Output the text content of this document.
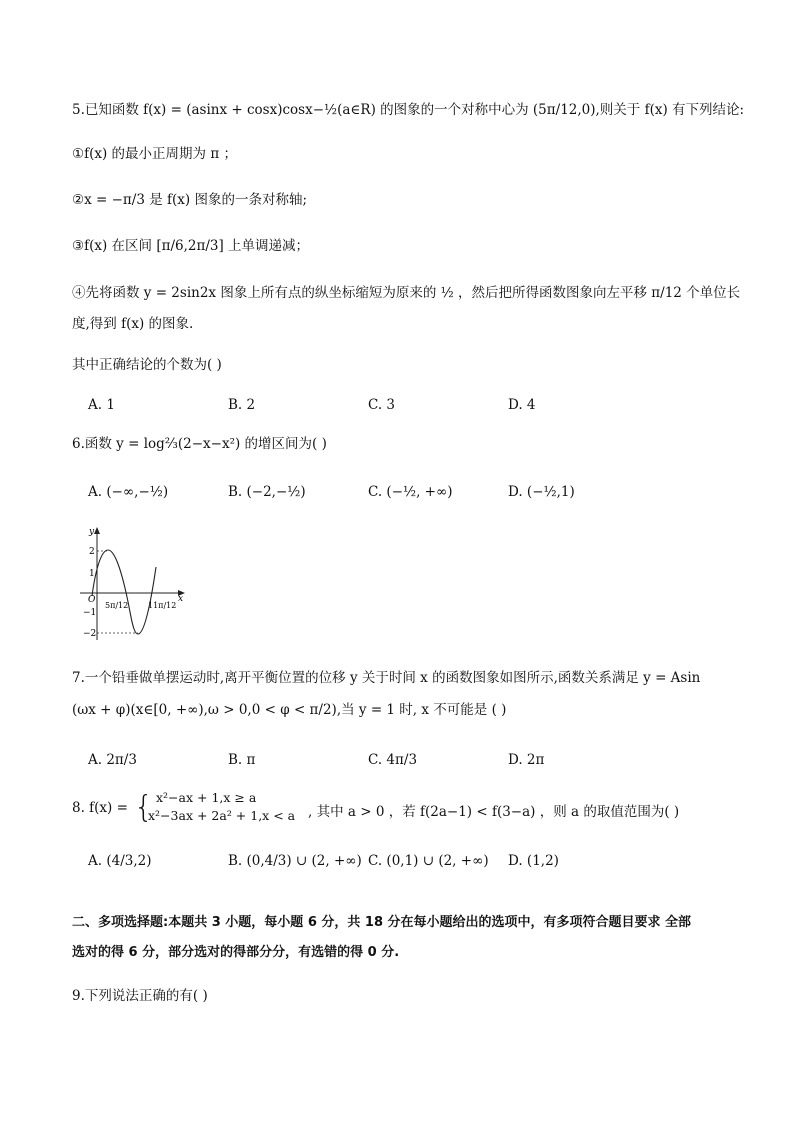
5.已知函数 f(x) = (asinx + cosx)cosx−½(a∈R) 的图象的一个对称中心为 (5π/12,0),则关于 f(x) 有下列结论:
①f(x) 的最小正周期为 π ；
②x = −π/3 是 f(x) 图象的一条对称轴;
③f(x) 在区间 [π/6,2π/3] 上单调递减；
④先将函数 y = 2sin2x 图象上所有点的纵坐标缩短为原来的 ½ ，然后把所得函数图象向左平移 π/12 个单位长
度,得到 f(x) 的图象.
其中正确结论的个数为( )
A. 1	B. 2	C. 3	D. 4
6.函数 y = log⅔(2−x−x²) 的增区间为( )
A. (−∞,−½)	B. (−2,−½)	C. (−½, +∞)	D. (−½,1)
y
x
O
2
1
−1
−2
5π/12 11π/12
7.一个铅垂做单摆运动时,离开平衡位置的位移 y 关于时间 x 的函数图象如图所示,函数关系满足 y = Asin
(ωx + φ)(x∈[0, +∞),ω > 0,0 < φ < π/2),当 y = 1 时, x 不可能是 ( )
A. 2π/3	B. π	C. 4π/3	D. 2π
8. f(x) = { x²−ax + 1,x ≥ a
x²−3ax + 2a² + 1,x < a , 其中 a > 0 ，若 f(2a−1) < f(3−a) ，则 a 的取值范围为( )
A. (4/3,2)	B. (0,4/3) ∪ (2, +∞) C. (0,1) ∪ (2, +∞) D. (1,2)
二、多项选择题:本题共 3 小题，每小题 6 分，共 18 分在每小题给出的选项中，有多项符合题目要求 全部
选对的得 6 分，部分选对的得部分分，有选错的得 0 分.
9.下列说法正确的有( )
